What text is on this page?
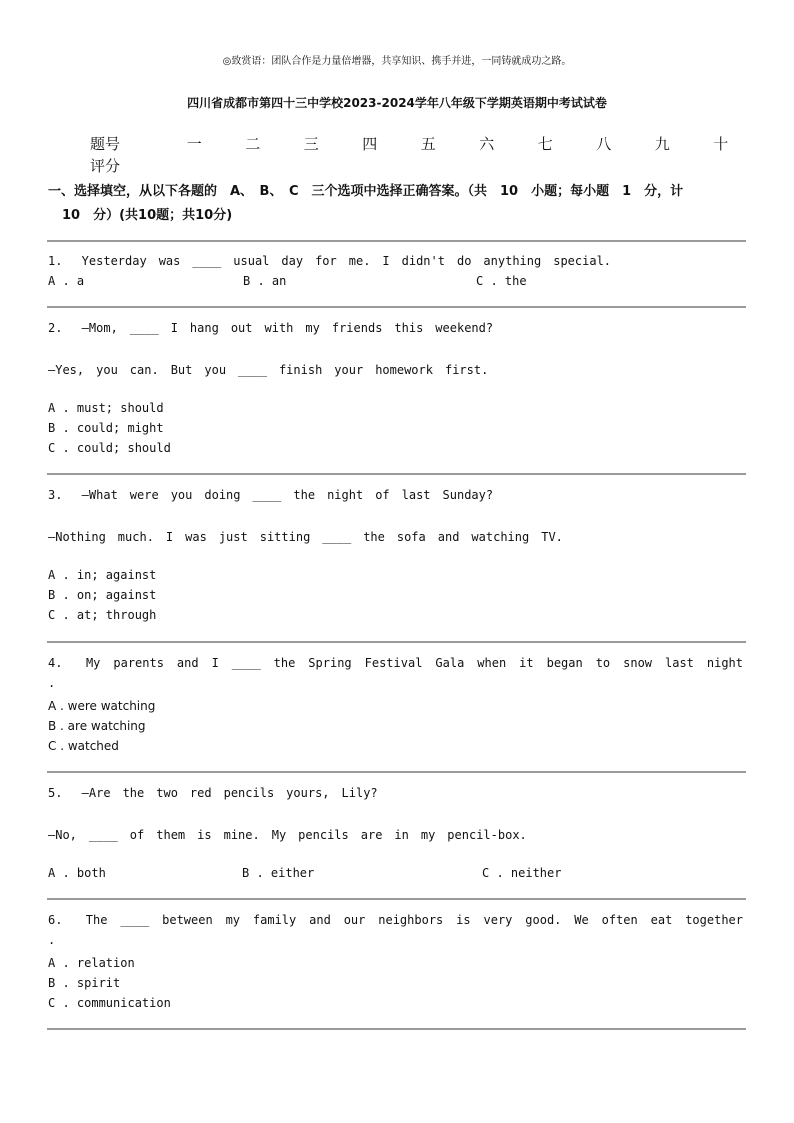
◎致赏语：团队合作是力量倍增器，共享知识、携手并进，一同铸就成功之路。
四川省成都市第四十三中学校2023-2024学年八年级下学期英语期中考试试卷
题号	一	二	三	四	五	六	七	八	九	十
评分
一、选择填空，从以下各题的　A、　B、　C　三个选项中选择正确答案。（共　10　小题；每小题　1　分，计
10　分）(共10题；共10分)
1.　 Yesterday　was　____　usual　day　for　me.　I　didn't　do　anything　special.
A . a	B . an	C . the
2.　 —Mom,　____　I　hang　out　with　my　friends　this　weekend?
—Yes,　you　can.　But　you　____　finish　your　homework　first.
A . must; should
B . could; might
C . could; should
3.　 —What　were　you　doing　____　the　night　of　last　Sunday?
—Nothing　much.　I　was　just　sitting　____　the　sofa　and　watching　TV.
A . in; against
B . on; against
C . at; through
4.　My parents and I ____ the Spring Festival Gala when it began to snow last night
.
A . were watching
B . are watching
C . watched
5.　 —Are　the　two　red　pencils　yours,　Lily?
—No,　____　of　them　is　mine.　My　pencils　are　in　my　pencil-box.
A . both	B . either	C . neither
6.　The ____ between my family and our neighbors is very good. We often eat together
.
A . relation
B . spirit
C . communication
